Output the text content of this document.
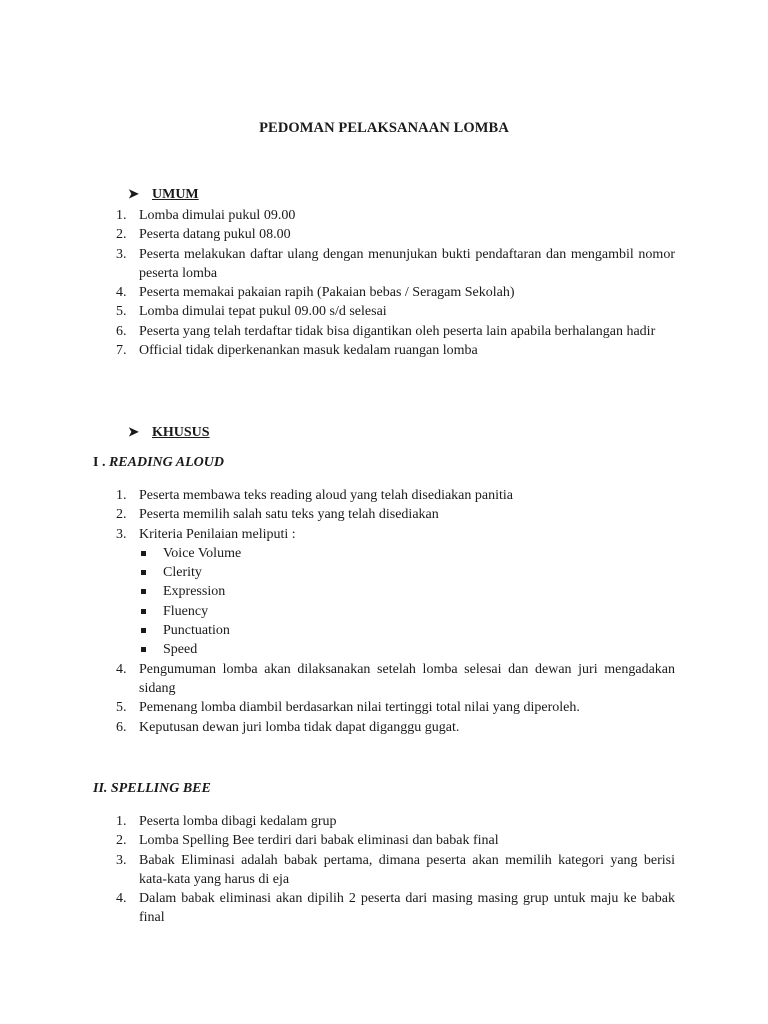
PEDOMAN PELAKSANAAN LOMBA
➤ UMUM
1. Lomba dimulai pukul 09.00
2. Peserta datang pukul 08.00
3. Peserta melakukan daftar ulang dengan menunjukan bukti pendaftaran dan mengambil nomor peserta lomba
4. Peserta memakai pakaian rapih (Pakaian bebas / Seragam Sekolah)
5. Lomba dimulai tepat pukul 09.00 s/d selesai
6. Peserta yang telah terdaftar tidak bisa digantikan oleh peserta lain apabila berhalangan hadir
7. Official tidak diperkenankan masuk kedalam ruangan lomba
➤ KHUSUS
I . READING ALOUD
1. Peserta membawa teks reading aloud yang telah disediakan panitia
2. Peserta memilih salah satu teks yang telah disediakan
3. Kriteria Penilaian meliputi :
Voice Volume
Clerity
Expression
Fluency
Punctuation
Speed
4. Pengumuman lomba akan dilaksanakan setelah lomba selesai dan dewan juri mengadakan sidang
5. Pemenang lomba diambil berdasarkan nilai tertinggi total nilai yang diperoleh.
6. Keputusan dewan juri lomba tidak dapat diganggu gugat.
II. SPELLING BEE
1. Peserta lomba dibagi kedalam grup
2. Lomba Spelling Bee terdiri dari babak eliminasi dan babak final
3. Babak Eliminasi adalah babak pertama, dimana peserta akan memilih kategori yang berisi kata-kata yang harus di eja
4. Dalam babak eliminasi akan dipilih 2 peserta dari masing masing grup untuk maju ke babak final
